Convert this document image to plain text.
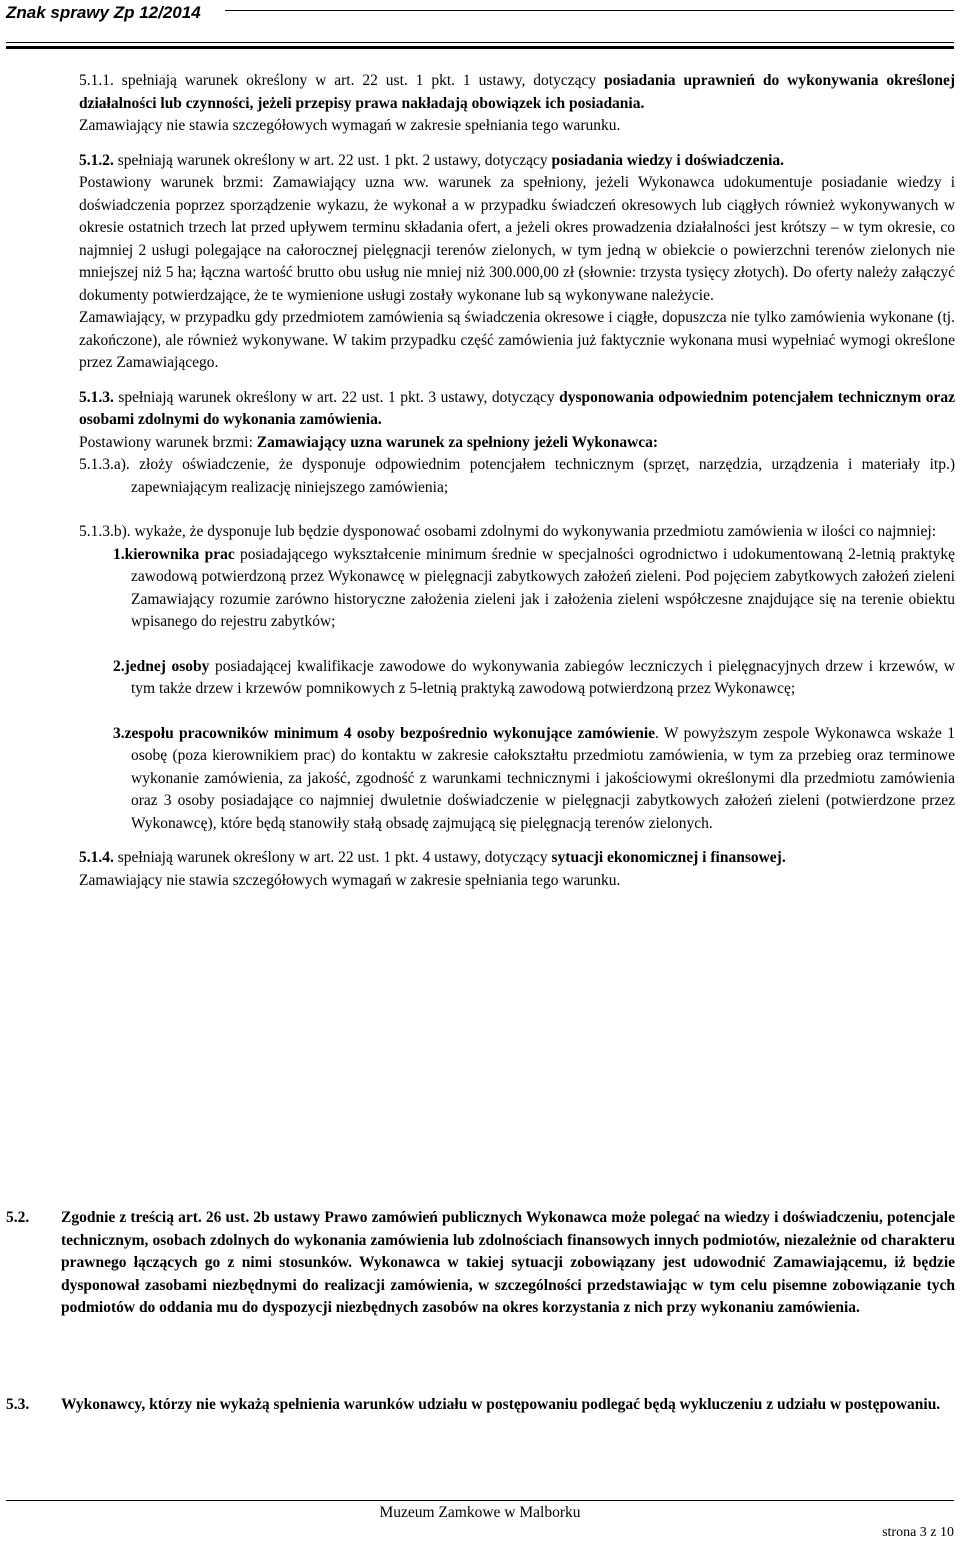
Znak sprawy Zp 12/2014

5.1.1. spełniają warunek określony w art. 22 ust. 1 pkt. 1 ustawy, dotyczący posiadania uprawnień do wykonywania określonej działalności lub czynności, jeżeli przepisy prawa nakładają obowiązek ich posiadania.

Zamawiający nie stawia szczegółowych wymagań w zakresie spełniania tego warunku.

5.1.2. spełniają warunek określony w art. 22 ust. 1 pkt. 2 ustawy, dotyczący posiadania wiedzy i doświadczenia.

Postawiony warunek brzmi: Zamawiający uzna ww. warunek za spełniony, jeżeli Wykonawca udokumentuje posiadanie wiedzy i doświadczenia poprzez sporządzenie wykazu, że wykonał a w przypadku świadczeń okresowych lub ciągłych również wykonywanych w okresie ostatnich trzech lat przed upływem terminu składania ofert, a jeżeli okres prowadzenia działalności jest krótszy – w tym okresie, co najmniej 2 usługi polegające na całorocznej pielęgnacji terenów zielonych, w tym jedną w obiekcie o powierzchni terenów zielonych nie mniejszej niż 5 ha; łączna wartość brutto obu usług nie mniej niż 300.000,00 zł (słownie: trzysta tysięcy złotych). Do oferty należy załączyć dokumenty potwierdzające, że te wymienione usługi zostały wykonane lub są wykonywane należycie.

Zamawiający, w przypadku gdy przedmiotem zamówienia są świadczenia okresowe i ciągłe, dopuszcza nie tylko zamówienia wykonane (tj. zakończone), ale również wykonywane. W takim przypadku część zamówienia już faktycznie wykonana musi wypełniać wymogi określone przez Zamawiającego.

5.1.3. spełniają warunek określony w art. 22 ust. 1 pkt. 3 ustawy, dotyczący dysponowania odpowiednim potencjałem technicznym oraz osobami zdolnymi do wykonania zamówienia.

Postawiony warunek brzmi: Zamawiający uzna warunek za spełniony jeżeli Wykonawca:

5.1.3.a). złoży oświadczenie, że dysponuje odpowiednim potencjałem technicznym (sprzęt, narzędzia, urządzenia i materiały itp.) zapewniającym realizację niniejszego zamówienia;

5.1.3.b). wykaże, że dysponuje lub będzie dysponować osobami zdolnymi do wykonywania przedmiotu zamówienia w ilości co najmniej:

1.kierownika prac posiadającego wykształcenie minimum średnie w specjalności ogrodnictwo i udokumentowaną 2-letnią praktykę zawodową potwierdzoną przez Wykonawcę w pielęgnacji zabytkowych założeń zieleni. Pod pojęciem zabytkowych założeń zieleni Zamawiający rozumie zarówno historyczne założenia zieleni jak i założenia zieleni współczesne znajdujące się na terenie obiektu wpisanego do rejestru zabytków;

2.jednej osoby posiadającej kwalifikacje zawodowe do wykonywania zabiegów leczniczych i pielęgnacyjnych drzew i krzewów, w tym także drzew i krzewów pomnikowych z 5-letnią praktyką zawodową potwierdzoną przez Wykonawcę;

3.zespołu pracowników minimum 4 osoby bezpośrednio wykonujące zamówienie. W powyższym zespole Wykonawca wskaże 1 osobę (poza kierownikiem prac) do kontaktu w zakresie całokształtu przedmiotu zamówienia, w tym za przebieg oraz terminowe wykonanie zamówienia, za jakość, zgodność z warunkami technicznymi i jakościowymi określonymi dla przedmiotu zamówienia oraz 3 osoby posiadające co najmniej dwuletnie doświadczenie w pielęgnacji zabytkowych założeń zieleni (potwierdzone przez Wykonawcę), które będą stanowiły stałą obsadę zajmującą się pielęgnacją terenów zielonych.

5.1.4. spełniają warunek określony w art. 22 ust. 1 pkt. 4 ustawy, dotyczący sytuacji ekonomicznej i finansowej.

Zamawiający nie stawia szczegółowych wymagań w zakresie spełniania tego warunku.

5.2. Zgodnie z treścią art. 26 ust. 2b ustawy Prawo zamówień publicznych Wykonawca może polegać na wiedzy i doświadczeniu, potencjale technicznym, osobach zdolnych do wykonania zamówienia lub zdolnościach finansowych innych podmiotów, niezależnie od charakteru prawnego łączących go z nimi stosunków. Wykonawca w takiej sytuacji zobowiązany jest udowodnić Zamawiającemu, iż będzie dysponował zasobami niezbędnymi do realizacji zamówienia, w szczególności przedstawiając w tym celu pisemne zobowiązanie tych podmiotów do oddania mu do dyspozycji niezbędnych zasobów na okres korzystania z nich przy wykonaniu zamówienia.

5.3. Wykonawcy, którzy nie wykażą spełnienia warunków udziału w postępowaniu podlegać będą wykluczeniu z udziału w postępowaniu.

Muzeum Zamkowe w Malborku
strona 3 z 10
